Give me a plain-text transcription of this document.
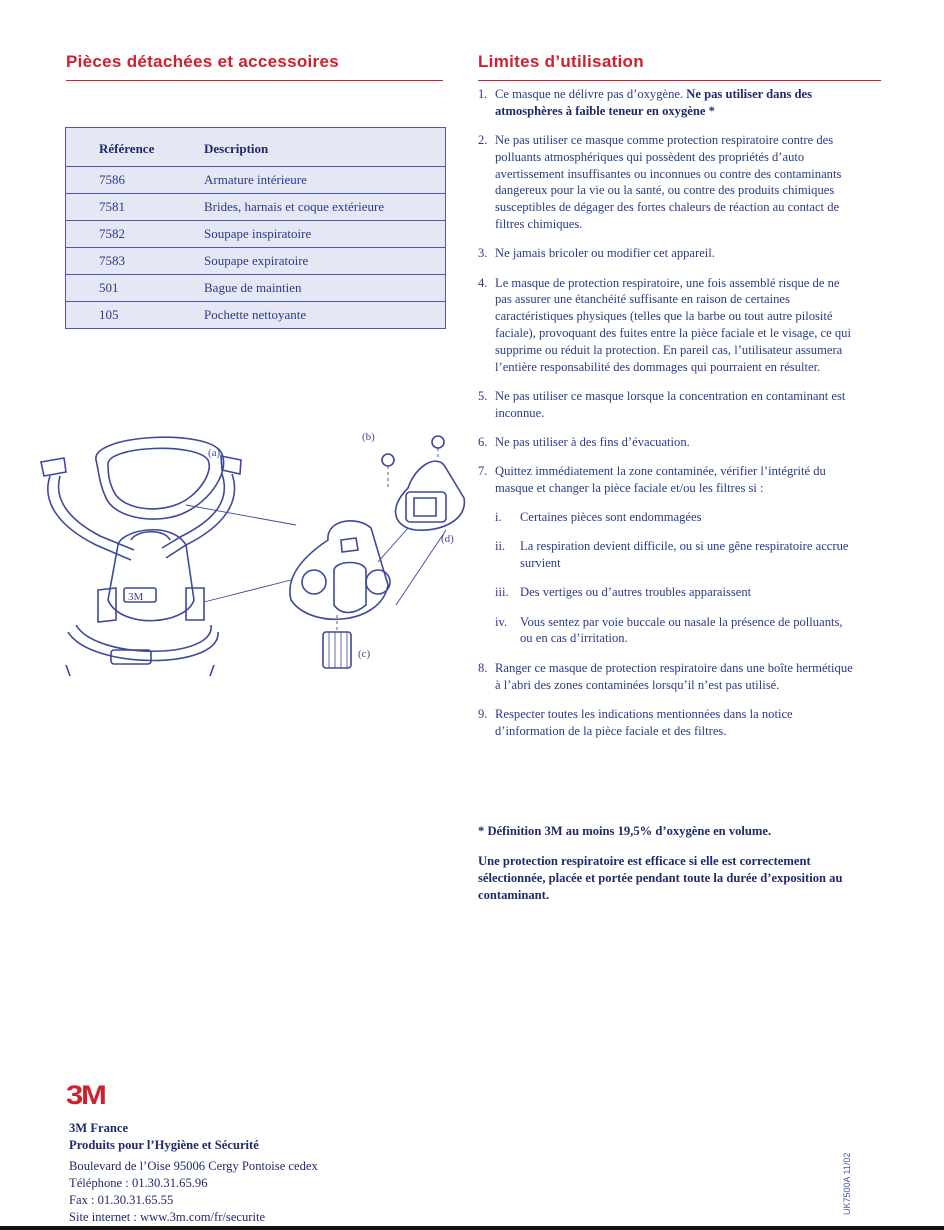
Pièces détachées et accessoires	Limites d’utilisation
Référence	Description
7586	Armature intérieure
7581	Brides, harnais et coque extérieure
7582	Soupape inspiratoire
7583	Soupape expiratoire
501	Bague de maintien
105	Pochette nettoyante
3M
(a)
(b)
(c)
(d)
1. Ce masque ne délivre pas d’oxygène. Ne pas utiliser dans des atmosphères à faible teneur en oxygène *
2. Ne pas utiliser ce masque comme protection respiratoire contre des polluants atmosphériques qui possèdent des propriétés d’auto avertissement insuffisantes ou inconnues ou contre des contaminants dangereux pour la vie ou la santé, ou contre des produits chimiques susceptibles de dégager des fortes chaleurs de réaction au contact de filtres chimiques.
3. Ne jamais bricoler ou modifier cet appareil.
4. Le masque de protection respiratoire, une fois assemblé risque de ne pas assurer une étanchéité suffisante en raison de certaines caractéristiques physiques (telles que la barbe ou tout autre pilosité faciale), provoquant des fuites entre la pièce faciale et le visage, ce qui supprime ou réduit la protection. En pareil cas, l’utilisateur assumera l’entière responsabilité des dommages qui pourraient en résulter.
5. Ne pas utiliser ce masque lorsque la concentration en contaminant est inconnue.
6. Ne pas utiliser à des fins d’évacuation.
7. Quittez immédiatement la zone contaminée, vérifier l’intégrité du masque et changer la pièce faciale et/ou les filtres si :
i. Certaines pièces sont endommagées
ii. La respiration devient difficile, ou si une gêne respiratoire accrue survient
iii. Des vertiges ou d’autres troubles apparaissent
iv. Vous sentez par voie buccale ou nasale la présence de polluants, ou en cas d’irritation.
8. Ranger ce masque de protection respiratoire dans une boîte hermétique à l’abri des zones contaminées lorsqu’il n’est pas utilisé.
9. Respecter toutes les indications mentionnées dans la notice d’information de la pièce faciale et des filtres.
* Définition 3M au moins 19,5% d’oxygène en volume.
Une protection respiratoire est efficace si elle est correctement sélectionnée, placée et portée pendant toute la durée d’exposition au contaminant.
3M
3M France
Produits pour l’Hygiène et Sécurité
Boulevard de l’Oise 95006 Cergy Pontoise cedex
Téléphone : 01.30.31.65.96
Fax : 01.30.31.65.55
Site internet : www.3m.com/fr/securite
UK7500A 11/02
